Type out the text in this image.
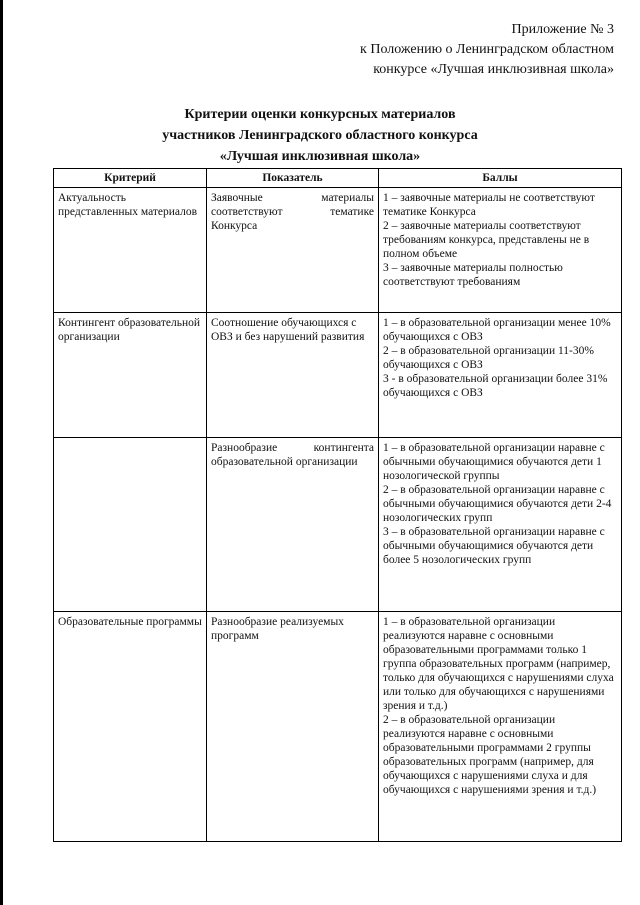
Приложение № 3
к Положению о Ленинградском областном
конкурсе «Лучшая инклюзивная школа»
Критерии оценки конкурсных материалов
участников Ленинградского областного конкурса
«Лучшая инклюзивная школа»
Критерий	Показатель	Баллы
Актуальность представленных материалов	Заявочные материалы соответствуют тематике Конкурса	1 – заявочные материалы не соответствуют тематике Конкурса
2 – заявочные материалы соответствуют требованиям конкурса, представлены не в полном объеме
3 – заявочные материалы полностью соответствуют требованиям

Контингент образовательной организации	Соотношение обучающихся с ОВЗ и без нарушений развития	1 – в образовательной организации менее 10% обучающихся с ОВЗ
2 – в образовательной организации 11-30% обучающихся с ОВЗ
3 - в образовательной организации более 31% обучающихся с ОВЗ

	Разнообразие контингента образовательной организации	1 – в образовательной организации наравне с обычными обучающимися обучаются дети 1 нозологической группы
2 – в образовательной организации наравне с обычными обучающимися обучаются дети 2-4 нозологических групп
3 – в образовательной организации наравне с обычными обучающимися обучаются дети более 5 нозологических групп

Образовательные программы	Разнообразие реализуемых программ	1 – в образовательной организации реализуются наравне с основными образовательными программами только 1 группа образовательных программ (например, только для обучающихся с нарушениями слуха или только для обучающихся с нарушениями зрения и т.д.)
2 – в образовательной организации реализуются наравне с основными образовательными программами 2 группы образовательных программ (например, для обучающихся с нарушениями слуха и для обучающихся с нарушениями зрения и т.д.)
